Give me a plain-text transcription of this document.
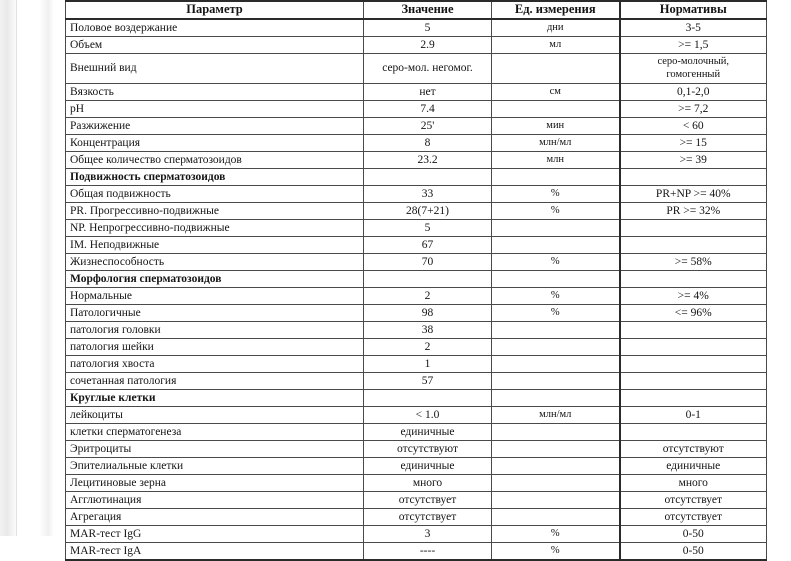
Параметр	Значение	Ед. измерения	Нормативы
Половое воздержание	5	дни	3-5
Объем	2.9	мл	>= 1,5
Внешний вид	серо-мол. негомог.		серо-молочный,
гомогенный

Вязкость	нет	см	0,1-2,0
pH	7.4		>= 7,2
Разжижение	25'	мин	< 60
Концентрация	8	млн/мл	>= 15
Общее количество сперматозоидов	23.2	млн	>= 39
Подвижность сперматозоидов			
Общая подвижность	33	%	PR+NP >= 40%
PR. Прогрессивно-подвижные	28(7+21)	%	PR >= 32%
NP. Непрогрессивно-подвижные	5		
IM. Неподвижные	67		
Жизнеспособность	70	%	>= 58%
Морфология сперматозоидов			
Нормальные	2	%	>= 4%
Патологичные	98	%	<= 96%
патология головки	38		
патология шейки	2		
патология хвоста	1		
сочетанная патология	57		
Круглые клетки			
лейкоциты	< 1.0	млн/мл	0-1
клетки сперматогенеза	единичные		
Эритроциты	отсутствуют		отсутствуют
Эпителиальные клетки	единичные		единичные
Лецитиновые зерна	много		много
Агглютинация	отсутствует		отсутствует
Агрегация	отсутствует		отсутствует
MAR-тест IgG	3	%	0-50
MAR-тест IgA	----	%	0-50
